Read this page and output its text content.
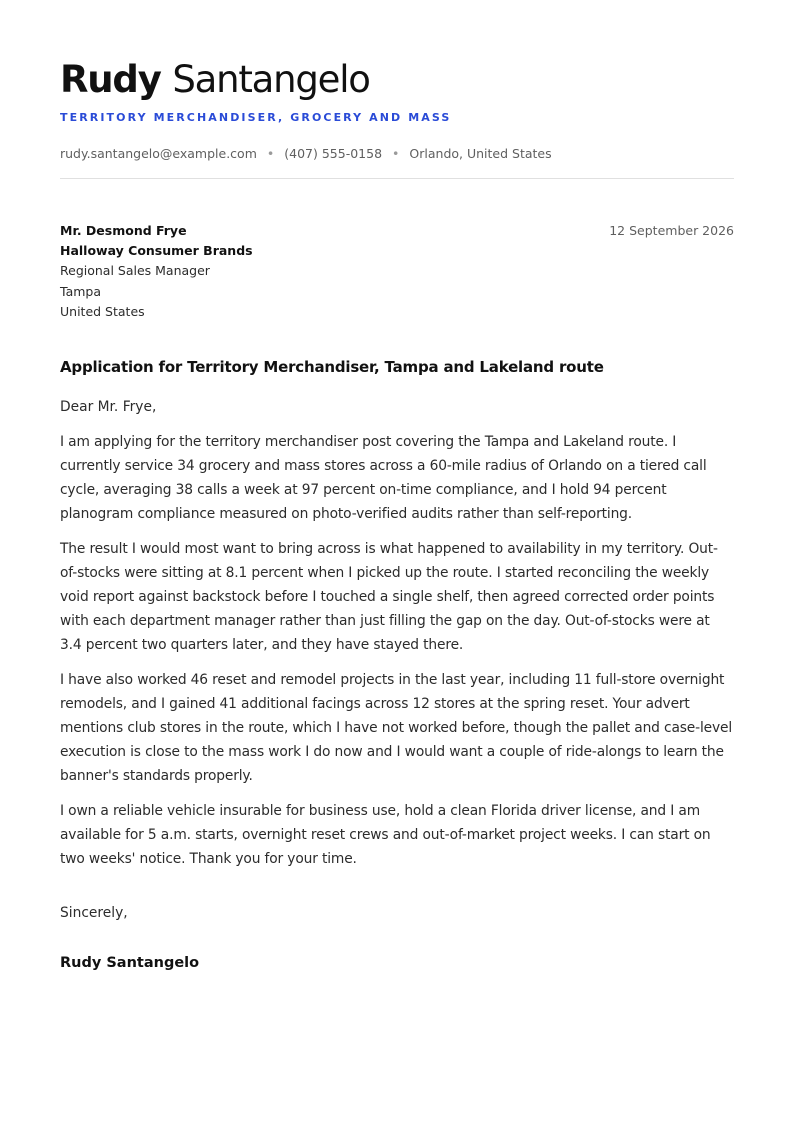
Rudy Santangelo
TERRITORY MERCHANDISER, GROCERY AND MASS
rudy.santangelo@example.com • (407) 555-0158 • Orlando, United States
Mr. Desmond Frye
Halloway Consumer Brands
Regional Sales Manager
Tampa
United States
12 September 2026
Application for Territory Merchandiser, Tampa and Lakeland route
Dear Mr. Frye,

I am applying for the territory merchandiser post covering the Tampa and Lakeland route. I currently service 34 grocery and mass stores across a 60-mile radius of Orlando on a tiered call cycle, averaging 38 calls a week at 97 percent on-time compliance, and I hold 94 percent planogram compliance measured on photo-verified audits rather than self-reporting.

The result I would most want to bring across is what happened to availability in my territory. Out-of-stocks were sitting at 8.1 percent when I picked up the route. I started reconciling the weekly void report against backstock before I touched a single shelf, then agreed corrected order points with each department manager rather than just filling the gap on the day. Out-of-stocks were at 3.4 percent two quarters later, and they have stayed there.

I have also worked 46 reset and remodel projects in the last year, including 11 full-store overnight remodels, and I gained 41 additional facings across 12 stores at the spring reset. Your advert mentions club stores in the route, which I have not worked before, though the pallet and case-level execution is close to the mass work I do now and I would want a couple of ride-alongs to learn the banner's standards properly.

I own a reliable vehicle insurable for business use, hold a clean Florida driver license, and I am available for 5 a.m. starts, overnight reset crews and out-of-market project weeks. I can start on two weeks' notice. Thank you for your time.

Sincerely,
Rudy Santangelo
